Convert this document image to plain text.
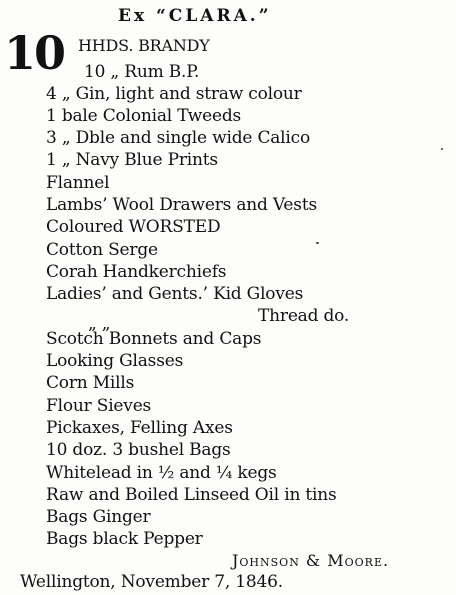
Ex “CLARA.”
10 HHDS. BRANDY
10 „ Rum B.P.
4 „ Gin, light and straw colour
1 bale Colonial Tweeds
3 „ Dble and single wide Calico
1 „ Navy Blue Prints
Flannel
Lambs’ Wool Drawers and Vests
Coloured WORSTED
Cotton Serge
Corah Handkerchiefs
Ladies’ and Gents.’ Kid Gloves
Thread do.
„ „
Scotch Bonnets and Caps
Looking Glasses
Corn Mills
Flour Sieves
Pickaxes, Felling Axes
10 doz. 3 bushel Bags
Whitelead in ½ and ¼ kegs
Raw and Boiled Linseed Oil in tins
Bags Ginger
Bags black Pepper
Johnson & Moore.
Wellington, November 7, 1846.
